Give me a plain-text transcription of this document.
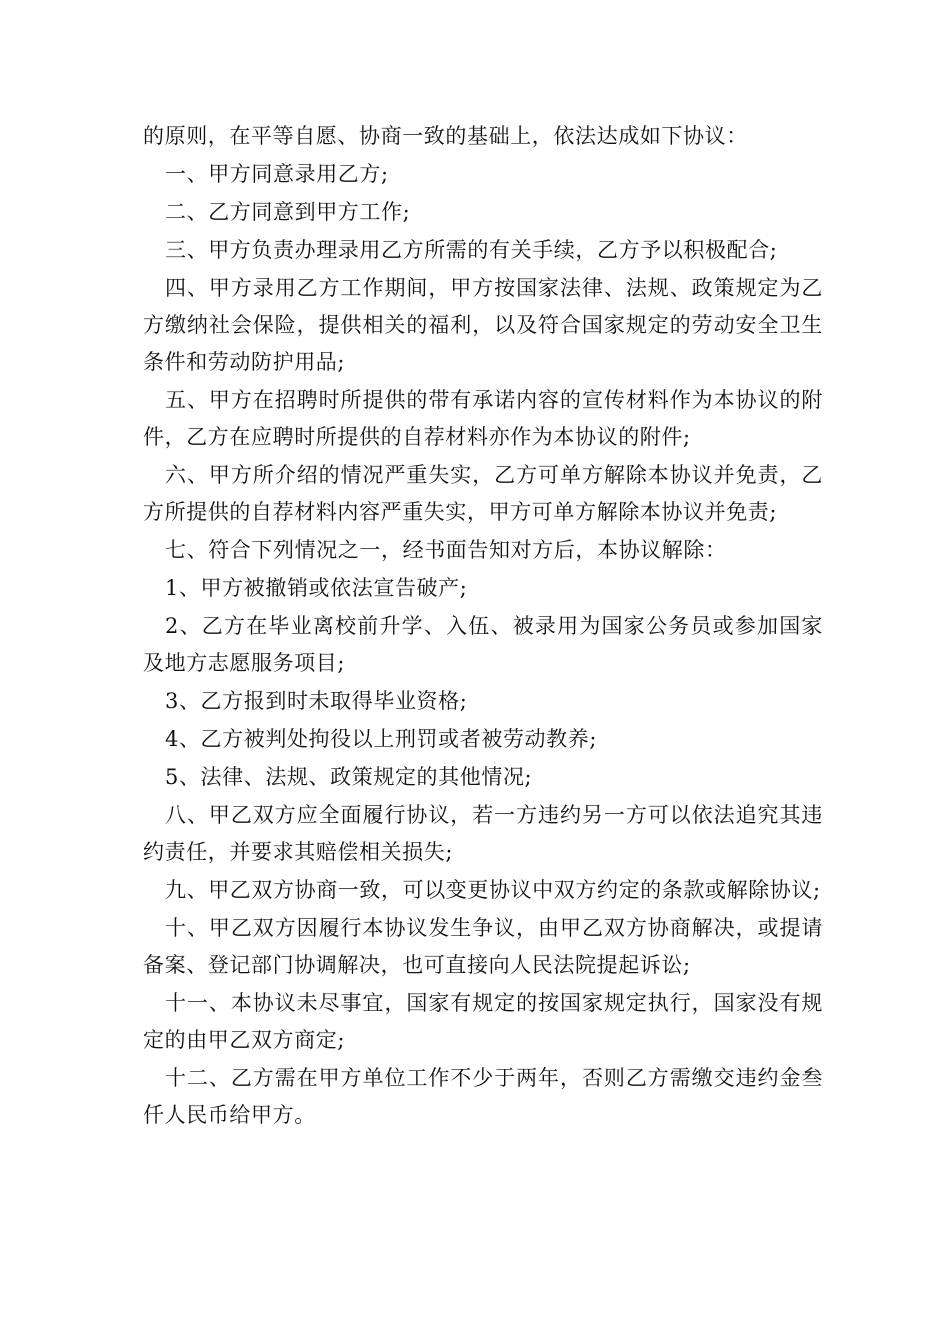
的原则，在平等自愿、协商一致的基础上，依法达成如下协议：

一、甲方同意录用乙方;

二、乙方同意到甲方工作;

三、甲方负责办理录用乙方所需的有关手续，乙方予以积极配合;

四、甲方录用乙方工作期间，甲方按国家法律、法规、政策规定为乙方缴纳社会保险，提供相关的福利，以及符合国家规定的劳动安全卫生条件和劳动防护用品;

五、甲方在招聘时所提供的带有承诺内容的宣传材料作为本协议的附件，乙方在应聘时所提供的自荐材料亦作为本协议的附件;

六、甲方所介绍的情况严重失实，乙方可单方解除本协议并免责，乙方所提供的自荐材料内容严重失实，甲方可单方解除本协议并免责;

七、符合下列情况之一，经书面告知对方后，本协议解除：

1、甲方被撤销或依法宣告破产;

2、乙方在毕业离校前升学、入伍、被录用为国家公务员或参加国家及地方志愿服务项目;

3、乙方报到时未取得毕业资格;

4、乙方被判处拘役以上刑罚或者被劳动教养;

5、法律、法规、政策规定的其他情况;

八、甲乙双方应全面履行协议，若一方违约另一方可以依法追究其违约责任，并要求其赔偿相关损失;

九、甲乙双方协商一致，可以变更协议中双方约定的条款或解除协议;

十、甲乙双方因履行本协议发生争议，由甲乙双方协商解决，或提请备案、登记部门协调解决，也可直接向人民法院提起诉讼;

十一、本协议未尽事宜，国家有规定的按国家规定执行，国家没有规定的由甲乙双方商定;

十二、乙方需在甲方单位工作不少于两年，否则乙方需缴交违约金叁仟人民币给甲方。
